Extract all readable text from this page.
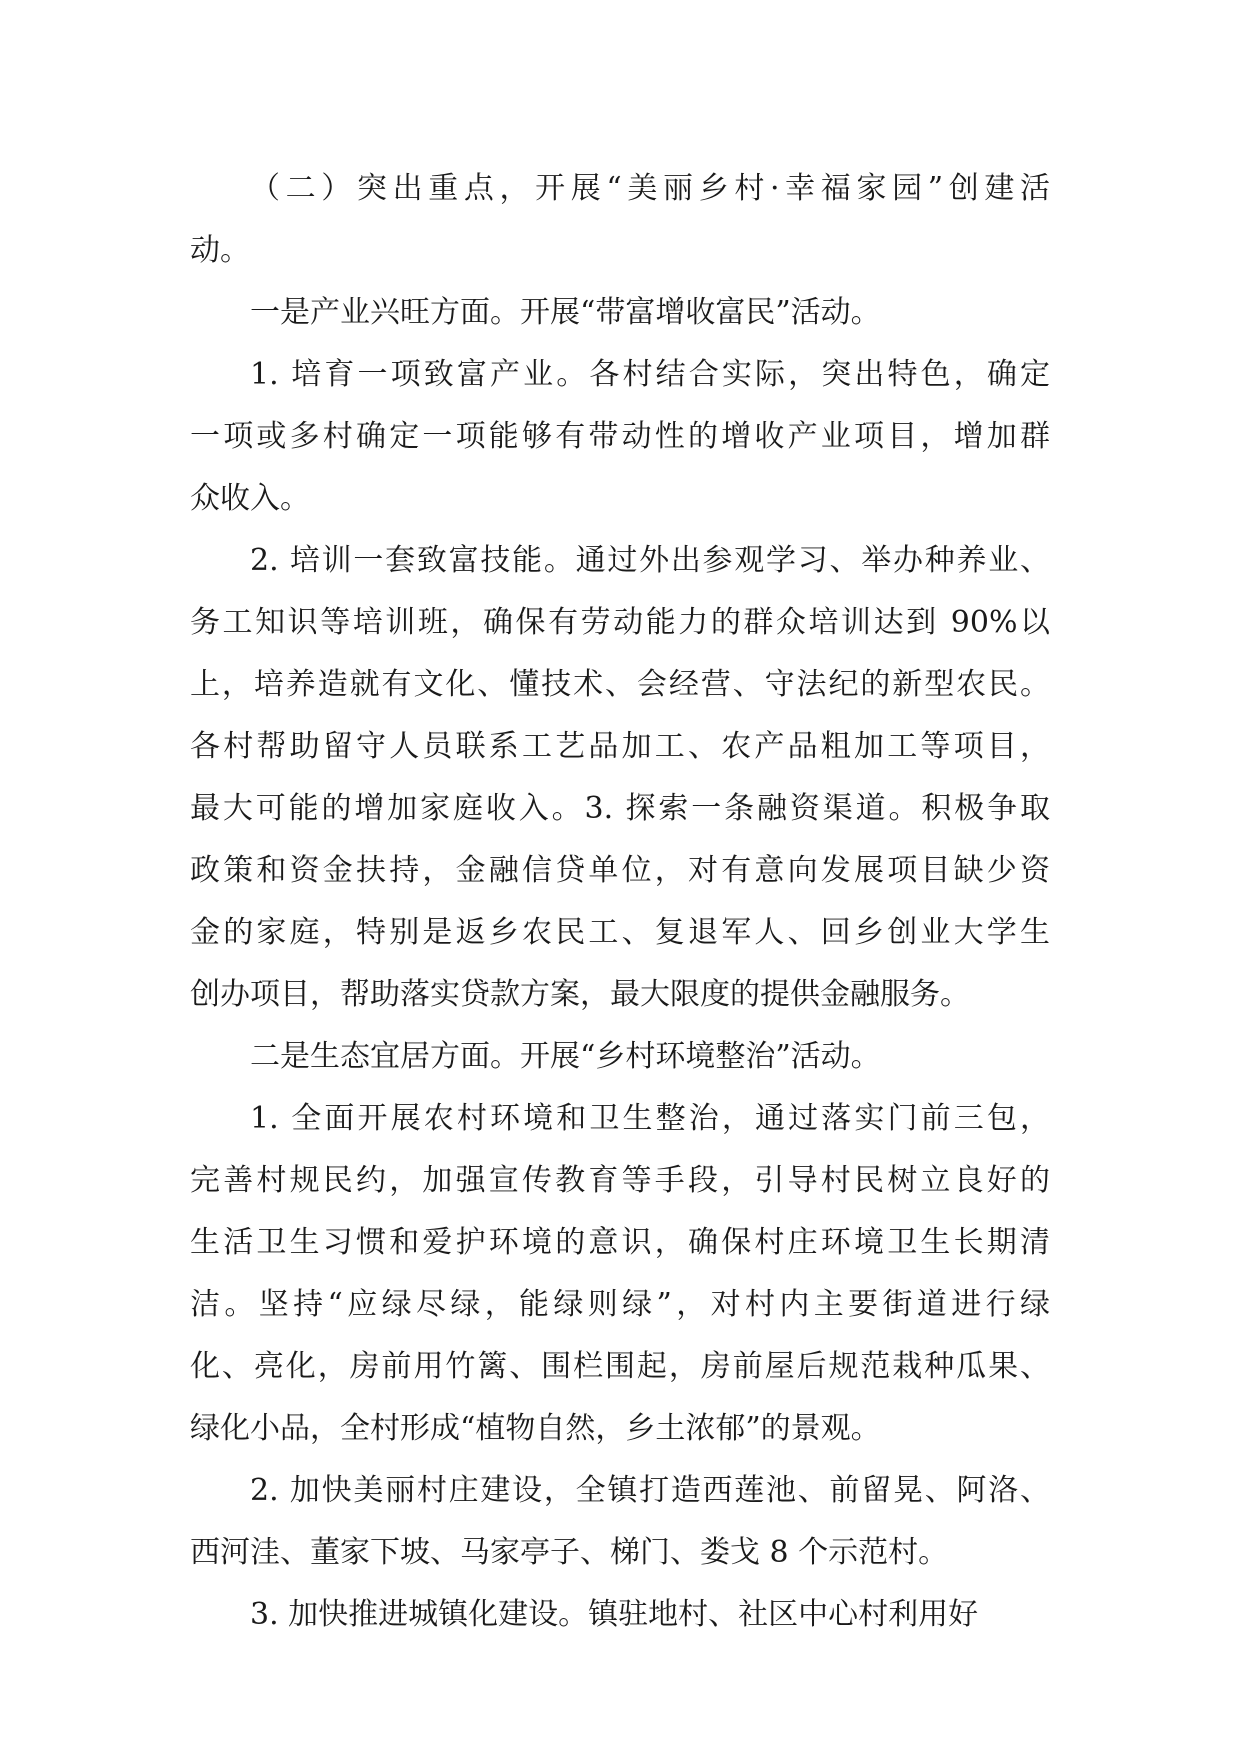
（二）突出重点，开展“美丽乡村·幸福家园”创建活
动。
一是产业兴旺方面。开展“带富增收富民”活动。
1. 培育一项致富产业。各村结合实际，突出特色，确定
一项或多村确定一项能够有带动性的增收产业项目，增加群
众收入。
2. 培训一套致富技能。通过外出参观学习、举办种养业、
务工知识等培训班，确保有劳动能力的群众培训达到 90%以
上，培养造就有文化、懂技术、会经营、守法纪的新型农民。
各村帮助留守人员联系工艺品加工、农产品粗加工等项目，
最大可能的增加家庭收入。3. 探索一条融资渠道。积极争取
政策和资金扶持，金融信贷单位，对有意向发展项目缺少资
金的家庭，特别是返乡农民工、复退军人、回乡创业大学生
创办项目，帮助落实贷款方案，最大限度的提供金融服务。
二是生态宜居方面。开展“乡村环境整治”活动。
1. 全面开展农村环境和卫生整治，通过落实门前三包，
完善村规民约，加强宣传教育等手段，引导村民树立良好的
生活卫生习惯和爱护环境的意识，确保村庄环境卫生长期清
洁。坚持“应绿尽绿，能绿则绿”，对村内主要街道进行绿
化、亮化，房前用竹篱、围栏围起，房前屋后规范栽种瓜果、
绿化小品，全村形成“植物自然，乡土浓郁”的景观。
2. 加快美丽村庄建设，全镇打造西莲池、前留晃、阿洛、
西河洼、董家下坡、马家亭子、梯门、娄戈 8 个示范村。
3. 加快推进城镇化建设。镇驻地村、社区中心村利用好
